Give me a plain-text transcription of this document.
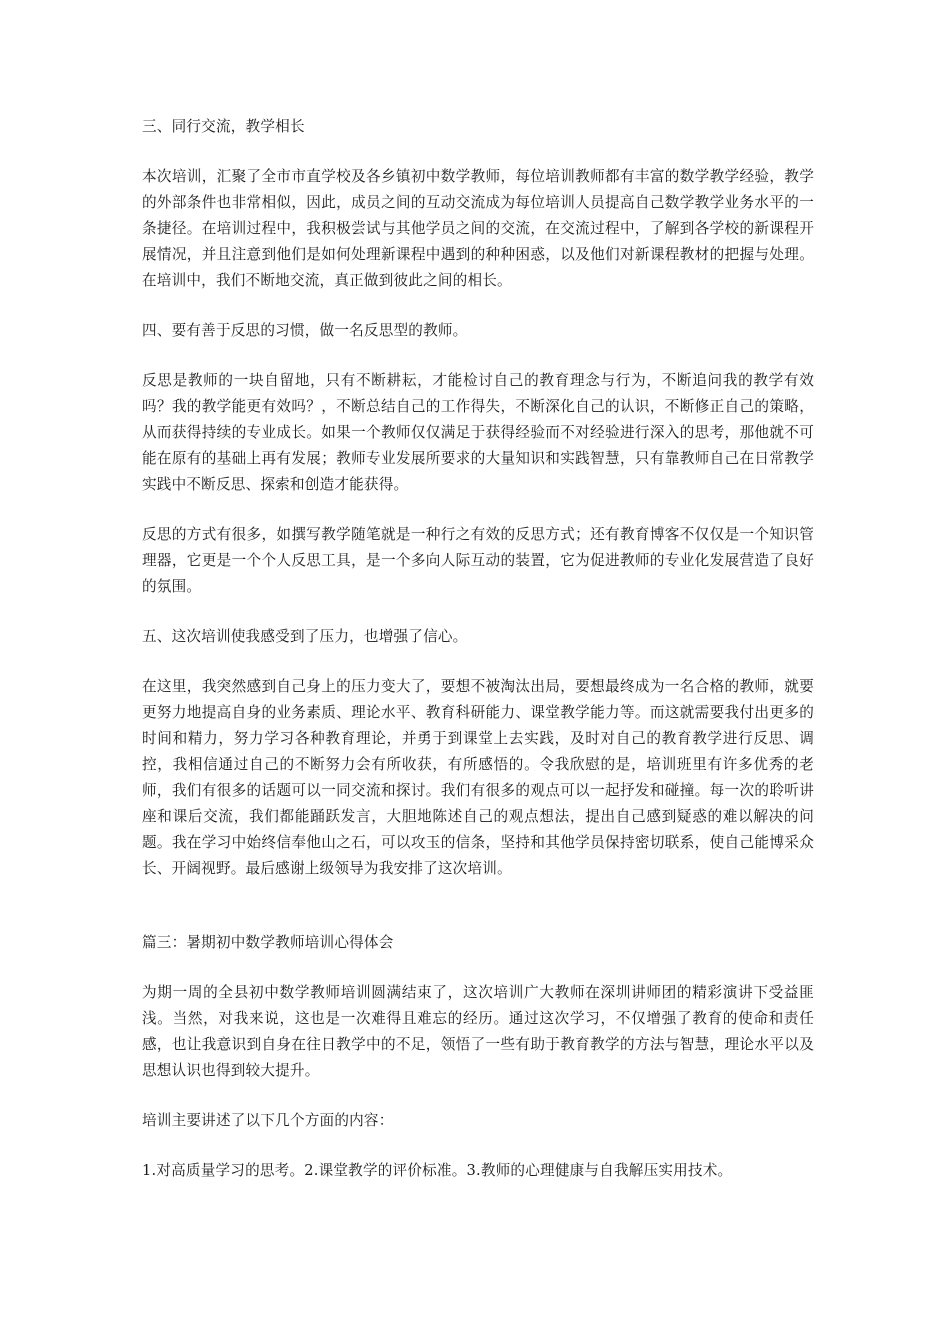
三、同行交流，教学相长

本次培训，汇聚了全市市直学校及各乡镇初中数学教师，每位培训教师都有丰富的数学教学经验，教学的外部条件也非常相似，因此，成员之间的互动交流成为每位培训人员提高自己数学教学业务水平的一条捷径。在培训过程中，我积极尝试与其他学员之间的交流，在交流过程中，了解到各学校的新课程开展情况，并且注意到他们是如何处理新课程中遇到的种种困惑，以及他们对新课程教材的把握与处理。在培训中，我们不断地交流，真正做到彼此之间的相长。

四、要有善于反思的习惯，做一名反思型的教师。

反思是教师的一块自留地，只有不断耕耘，才能检讨自己的教育理念与行为，不断追问我的教学有效吗？我的教学能更有效吗？，不断总结自己的工作得失，不断深化自己的认识，不断修正自己的策略，从而获得持续的专业成长。如果一个教师仅仅满足于获得经验而不对经验进行深入的思考，那他就不可能在原有的基础上再有发展；教师专业发展所要求的大量知识和实践智慧，只有靠教师自己在日常教学实践中不断反思、探索和创造才能获得。

反思的方式有很多，如撰写教学随笔就是一种行之有效的反思方式；还有教育博客不仅仅是一个知识管理器，它更是一个个人反思工具，是一个多向人际互动的装置，它为促进教师的专业化发展营造了良好的氛围。

五、这次培训使我感受到了压力，也增强了信心。

在这里，我突然感到自己身上的压力变大了，要想不被淘汰出局，要想最终成为一名合格的教师，就要更努力地提高自身的业务素质、理论水平、教育科研能力、课堂教学能力等。而这就需要我付出更多的时间和精力，努力学习各种教育理论，并勇于到课堂上去实践，及时对自己的教育教学进行反思、调控，我相信通过自己的不断努力会有所收获，有所感悟的。令我欣慰的是，培训班里有许多优秀的老师，我们有很多的话题可以一同交流和探讨。我们有很多的观点可以一起抒发和碰撞。每一次的聆听讲座和课后交流，我们都能踊跃发言，大胆地陈述自己的观点想法，提出自己感到疑惑的难以解决的问题。我在学习中始终信奉他山之石，可以攻玉的信条，坚持和其他学员保持密切联系，使自己能博采众长、开阔视野。最后感谢上级领导为我安排了这次培训。

篇三：暑期初中数学教师培训心得体会

为期一周的全县初中数学教师培训圆满结束了，这次培训广大教师在深圳讲师团的精彩演讲下受益匪浅。当然，对我来说，这也是一次难得且难忘的经历。通过这次学习，不仅增强了教育的使命和责任感，也让我意识到自身在往日教学中的不足，领悟了一些有助于教育教学的方法与智慧，理论水平以及思想认识也得到较大提升。

培训主要讲述了以下几个方面的内容：

1.对高质量学习的思考。2.课堂教学的评价标准。3.教师的心理健康与自我解压实用技术。
